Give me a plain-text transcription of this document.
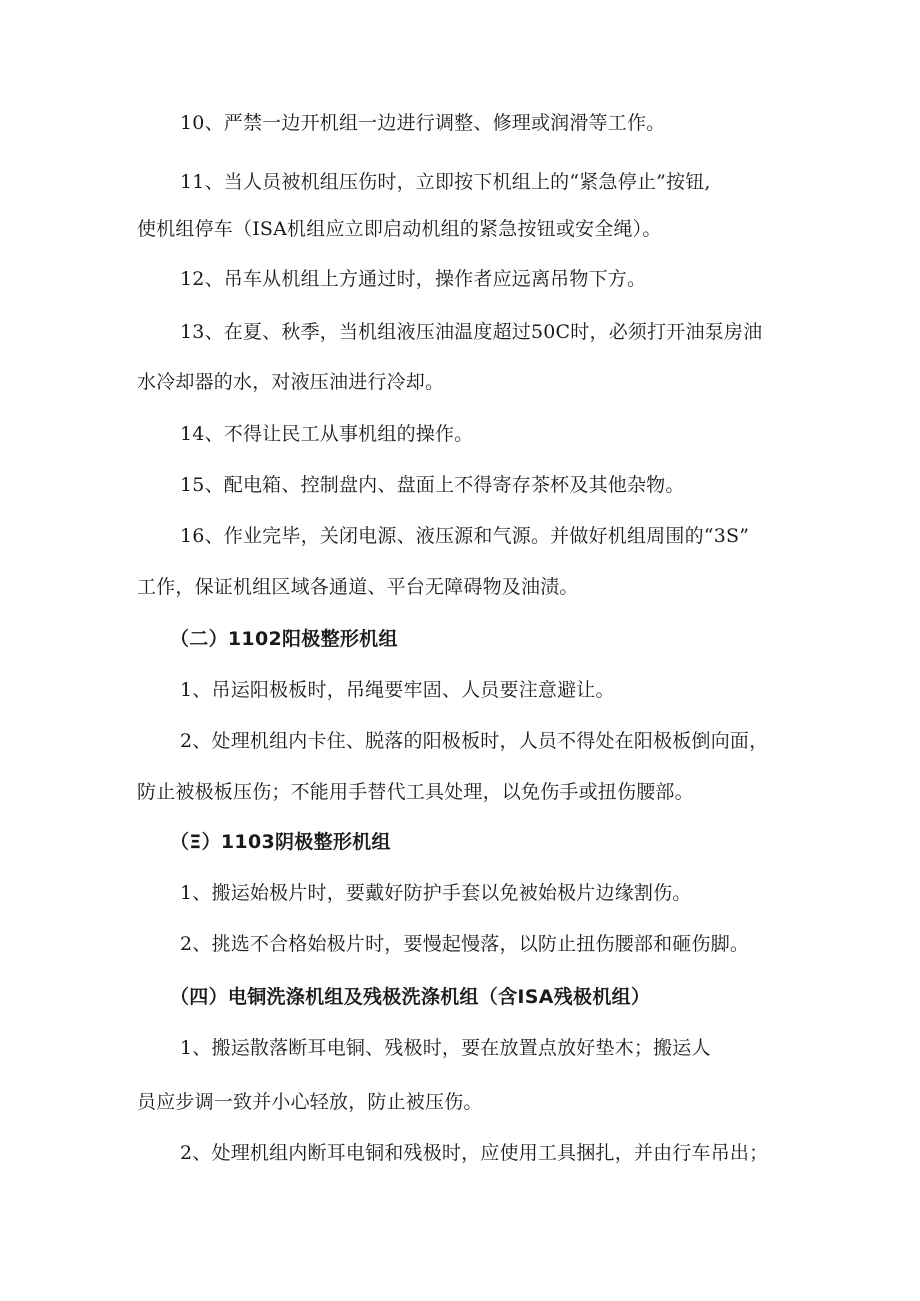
10、严禁一边开机组一边进行调整、修理或润滑等工作。
11、当人员被机组压伤时，立即按下机组上的“紧急停止”按钮,
使机组停车（ISA机组应立即启动机组的紧急按钮或安全绳）。
12、吊车从机组上方通过时，操作者应远离吊物下方。
13、在夏、秋季，当机组液压油温度超过50C时，必须打开油泵房油
水冷却器的水，对液压油进行冷却。
14、不得让民工从事机组的操作。
15、配电箱、控制盘内、盘面上不得寄存茶杯及其他杂物。
16、作业完毕，关闭电源、液压源和气源。并做好机组周围的“3S”
工作，保证机组区域各通道、平台无障碍物及油渍。
（二）1102阳极整形机组
1、吊运阳极板时，吊绳要牢固、人员要注意避让。
2、处理机组内卡住、脱落的阳极板时，人员不得处在阳极板倒向面，
防止被极板压伤；不能用手替代工具处理，以免伤手或扭伤腰部。
（Ξ）1103阴极整形机组
1、搬运始极片时，要戴好防护手套以免被始极片边缘割伤。
2、挑选不合格始极片时，要慢起慢落，以防止扭伤腰部和砸伤脚。
（四）电铜洗涤机组及残极洗涤机组（含ISA残极机组）
1、搬运散落断耳电铜、残极时，要在放置点放好垫木；搬运人
员应步调一致并小心轻放，防止被压伤。
2、处理机组内断耳电铜和残极时，应使用工具捆扎，并由行车吊出；
